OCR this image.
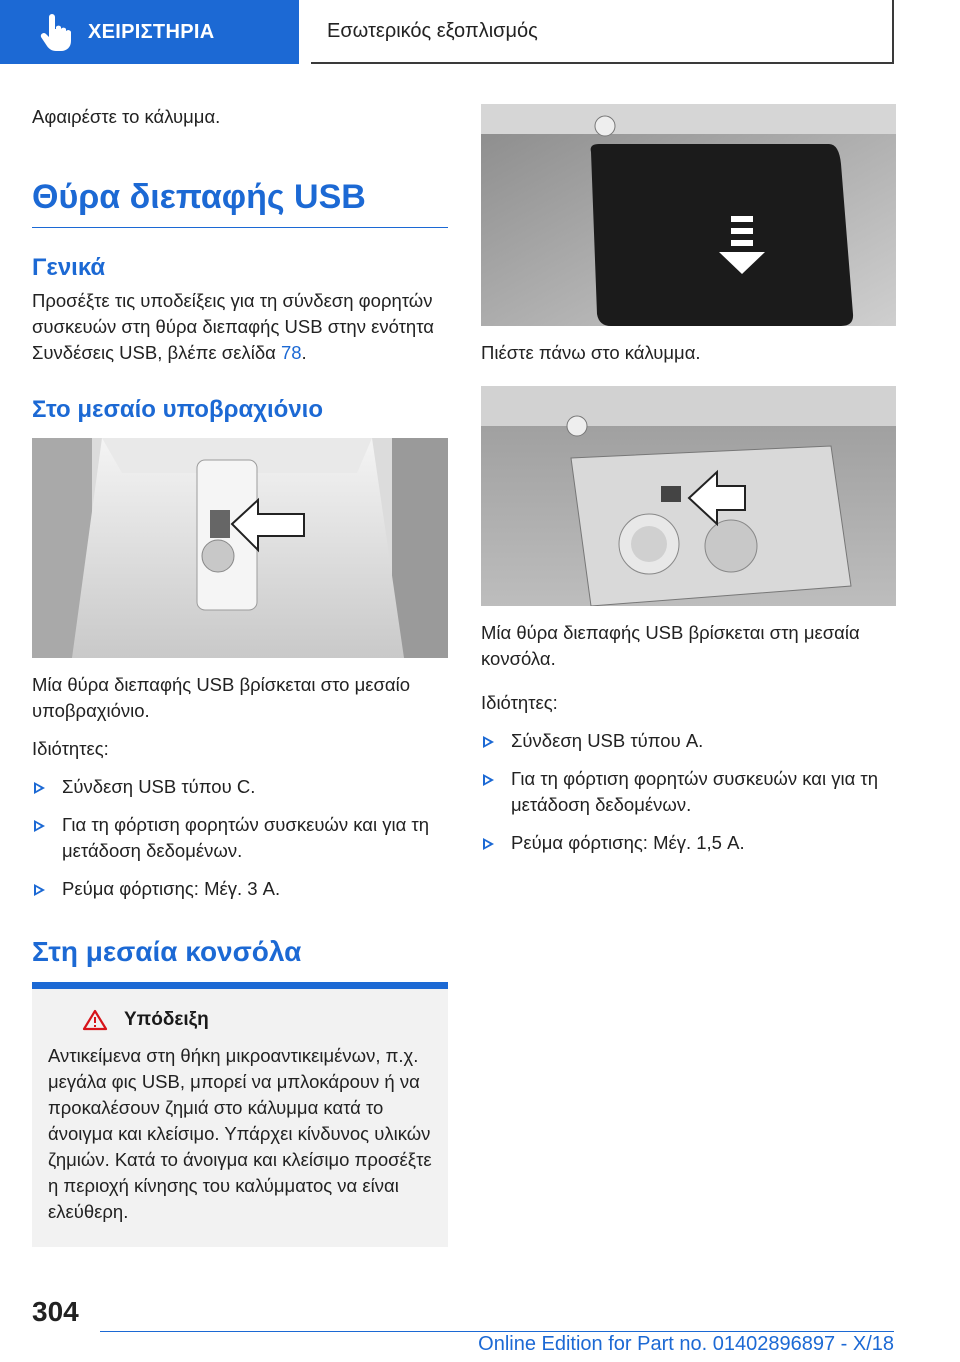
ΧΕΙΡΙΣΤΗΡΙΑ	Εσωτερικός εξοπλισμός

Αφαιρέστε το κάλυμμα.

Θύρα διεπαφής USB
Γενικά

Προσέξτε τις υποδείξεις για τη σύνδεση φορητών συσκευών στη θύρα διεπαφής USB στην ενότητα Συνδέσεις USB, βλέπε σελίδα 78.

Στο μεσαίο υποβραχιόνιο

Μία θύρα διεπαφής USB βρίσκεται στο μεσαίο υποβραχιόνιο.

Ιδιότητες:

Σύνδεση USB τύπου C.
Για τη φόρτιση φορητών συσκευών και για τη μετάδοση δεδομένων.
Ρεύμα φόρτισης: Μέγ. 3 A.
Στη μεσαία κονσόλα
Υπόδειξη

Αντικείμενα στη θήκη μικροαντικειμένων, π.χ. μεγάλα φις USB, μπορεί να μπλοκάρουν ή να προκαλέσουν ζημιά στο κάλυμμα κατά το άνοιγμα και κλείσιμο. Υπάρχει κίνδυνος υλικών ζημιών. Κατά το άνοιγμα και κλείσιμο προσέξτε η περιοχή κίνησης του καλύμματος να είναι ελεύθερη.

Πιέστε πάνω στο κάλυμμα.

Μία θύρα διεπαφής USB βρίσκεται στη μεσαία κονσόλα.

Ιδιότητες:

Σύνδεση USB τύπου A.
Για τη φόρτιση φορητών συσκευών και για τη μετάδοση δεδομένων.
Ρεύμα φόρτισης: Μέγ. 1,5 A.
304
Online Edition for Part no. 01402896897 - X/18
